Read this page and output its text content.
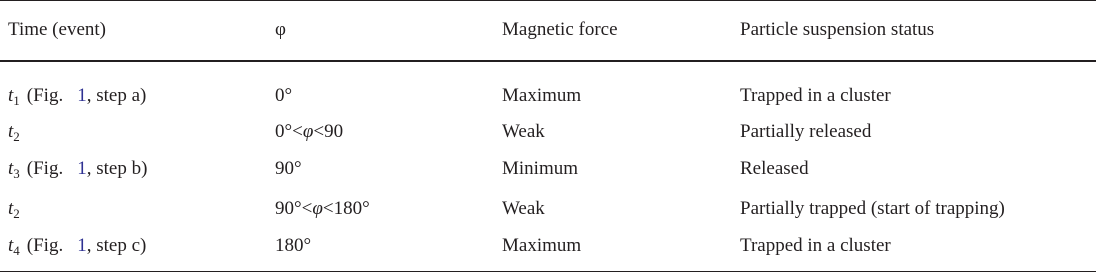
Time (event)	φ	Magnetic force	Particle suspension status
$t_1$ (Fig. 1, step a)	0°	Maximum	Trapped in a cluster
$t_2$	0°<φ<90	Weak	Partially released
$t_3$ (Fig. 1, step b)	90°	Minimum	Released
$t_2$	90°<φ<180°	Weak	Partially trapped (start of trapping)
$t_4$ (Fig. 1, step c)	180°	Maximum	Trapped in a cluster
